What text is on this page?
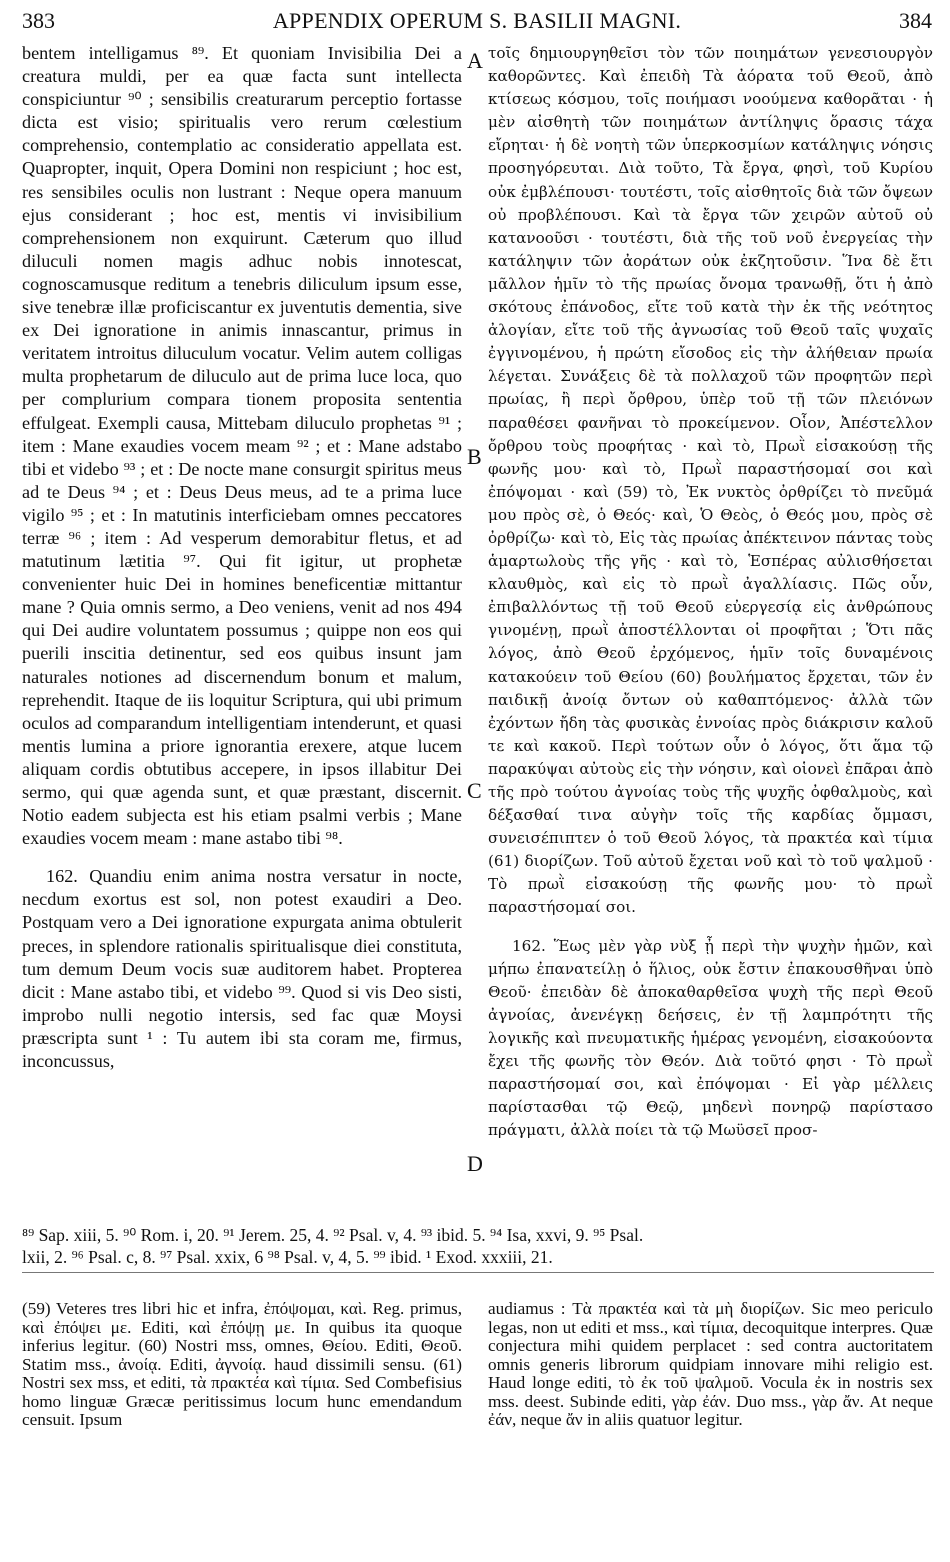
383	APPENDIX OPERUM S. BASILII MAGNI.	384

bentem intelligamus ⁸⁹. Et quoniam Invisibilia Dei a creatura muldi, per ea quæ facta sunt intellecta conspiciuntur ⁹⁰ ; sensibilis creaturarum perceptio fortasse dicta est visio; spiritualis vero rerum cœlestium comprehensio, contemplatio ac consideratio appellata est. Quapropter, inquit, Opera Domini non respiciunt ; hoc est, res sensibiles oculis non lustrant : Neque opera manuum ejus considerant ; hoc est, mentis vi invisibilium comprehensionem non exquirunt. Cæterum quo illud diluculi nomen magis adhuc nobis innotescat, cognoscamusque reditum a tenebris diliculum ipsum esse, sive tenebræ illæ proficiscantur ex juventutis dementia, sive ex Dei ignoratione in animis innascantur, primus in veritatem introitus diluculum vocatur. Velim autem colligas multa prophetarum de diluculo aut de prima luce loca, quo per complurium compara tionem proposita sententia effulgeat. Exempli causa, Mittebam diluculo prophetas ⁹¹ ; item : Mane exaudies vocem meam ⁹² ; et : Mane adstabo tibi et videbo ⁹³ ; et : De nocte mane consurgit spiritus meus ad te Deus ⁹⁴ ; et : Deus Deus meus, ad te a prima luce vigilo ⁹⁵ ; et : In matutinis interficiebam omnes peccatores terræ ⁹⁶ ; item : Ad vesperum demorabitur fletus, et ad matutinum lætitia ⁹⁷. Qui fit igitur, ut prophetæ convenienter huic Dei in homines beneficentiæ mittantur mane ? Quia omnis sermo, a Deo veniens, venit ad nos 494 qui Dei audire voluntatem possumus ; quippe non eos qui puerili inscitia detinentur, sed eos quibus insunt jam naturales notiones ad discernendum bonum et malum, reprehendit. Itaque de iis loquitur Scriptura, qui ubi primum oculos ad comparandum intelligentiam intenderunt, et quasi mentis lumina a priore ignorantia erexere, atque lucem aliquam cordis obtutibus accepere, in ipsos illabitur Dei sermo, qui quæ agenda sunt, et quæ præstant, discernit. Notio eadem subjecta est his etiam psalmi verbis ; Mane exaudies vocem meam : mane astabo tibi ⁹⁸.

162. Quandiu enim anima nostra versatur in nocte, necdum exortus est sol, non potest exaudiri a Deo. Postquam vero a Dei ignoratione expurgata anima obtulerit preces, in splendore rationalis spiritualisque diei constituta, tum demum Deum vocis suæ auditorem habet. Propterea dicit : Mane astabo tibi, et videbo ⁹⁹. Quod si vis Deo sisti, improbo nulli negotio intersis, sed fac quæ Moysi præscripta sunt ¹ : Tu autem ibi sta coram me, firmus, inconcussus,

A
B
C
D

τοῖς δημιουργηθεῖσι τὸν τῶν ποιημάτων γενεσιουργὸν καθορῶντες. Καὶ ἐπειδὴ Τὰ ἀόρατα τοῦ Θεοῦ, ἀπὸ κτίσεως κόσμου, τοῖς ποιήμασι νοούμενα καθορᾶται · ἡ μὲν αἰσθητὴ τῶν ποιημάτων ἀντίληψις ὅρασις τάχα εἴρηται· ἡ δὲ νοητὴ τῶν ὑπερκοσμίων κατάληψις νόησις προσηγόρευται. Διὰ τοῦτο, Τὰ ἔργα, φησὶ, τοῦ Κυρίου οὐκ ἐμβλέπουσι· τουτέστι, τοῖς αἰσθητοῖς διὰ τῶν ὄψεων οὐ προβλέπουσι. Καὶ τὰ ἔργα τῶν χειρῶν αὐτοῦ οὐ κατανοοῦσι · τουτέστι, διὰ τῆς τοῦ νοῦ ἐνεργείας τὴν κατάληψιν τῶν ἀοράτων οὐκ ἐκζητοῦσιν. Ἵνα δὲ ἔτι μᾶλλον ἡμῖν τὸ τῆς πρωίας ὄνομα τρανωθῇ, ὅτι ἡ ἀπὸ σκότους ἐπάνοδος, εἴτε τοῦ κατὰ τὴν ἐκ τῆς νεότητος ἀλογίαν, εἴτε τοῦ τῆς ἀγνωσίας τοῦ Θεοῦ ταῖς ψυχαῖς ἐγγινομένου, ἡ πρώτη εἴσοδος εἰς τὴν ἀλήθειαν πρωία λέγεται. Συνάξεις δὲ τὰ πολλαχοῦ τῶν προφητῶν περὶ πρωίας, ἢ περὶ ὄρθρου, ὑπὲρ τοῦ τῇ τῶν πλειόνων παραθέσει φανῆναι τὸ προκείμενον. Οἷον, Ἀπέστελλον ὄρθρου τοὺς προφήτας · καὶ τὸ, Πρωῒ εἰσακούσῃ τῆς φωνῆς μου· καὶ τὸ, Πρωῒ παραστήσομαί σοι καὶ ἐπόψομαι · καὶ (59) τὸ, Ἐκ νυκτὸς ὀρθρίζει τὸ πνεῦμά μου πρὸς σὲ, ὁ Θεός· καὶ, Ὁ Θεὸς, ὁ Θεός μου, πρὸς σὲ ὀρθρίζω· καὶ τὸ, Εἰς τὰς πρωίας ἀπέκτεινον πάντας τοὺς ἁμαρτωλοὺς τῆς γῆς · καὶ τὸ, Ἑσπέρας αὐλισθήσεται κλαυθμὸς, καὶ εἰς τὸ πρωῒ ἀγαλλίασις. Πῶς οὖν, ἐπιβαλλόντως τῇ τοῦ Θεοῦ εὐεργεσίᾳ εἰς ἀνθρώπους γινομένῃ, πρωῒ ἀποστέλλονται οἱ προφῆται ; Ὅτι πᾶς λόγος, ἀπὸ Θεοῦ ἐρχόμενος, ἡμῖν τοῖς δυναμένοις κατακούειν τοῦ Θείου (60) βουλήματος ἔρχεται, τῶν ἐν παιδικῇ ἀνοίᾳ ὄντων οὐ καθαπτόμενος· ἀλλὰ τῶν ἐχόντων ἤδη τὰς φυσικὰς ἐννοίας πρὸς διάκρισιν καλοῦ τε καὶ κακοῦ. Περὶ τούτων οὖν ὁ λόγος, ὅτι ἅμα τῷ παρακύψαι αὐτοὺς εἰς τὴν νόησιν, καὶ οἱονεὶ ἐπᾶραι ἀπὸ τῆς πρὸ τούτου ἀγνοίας τοὺς τῆς ψυχῆς ὀφθαλμοὺς, καὶ δέξασθαί τινα αὐγὴν τοῖς τῆς καρδίας ὄμμασι, συνεισέπιπτεν ὁ τοῦ Θεοῦ λόγος, τὰ πρακτέα καὶ τίμια (61) διορίζων. Τοῦ αὐτοῦ ἔχεται νοῦ καὶ τὸ τοῦ ψαλμοῦ · Τὸ πρωῒ εἰσακούσῃ τῆς φωνῆς μου· τὸ πρωῒ παραστήσομαί σοι.

162. Ἕως μὲν γὰρ νὺξ ᾖ περὶ τὴν ψυχὴν ἡμῶν, καὶ μήπω ἐπανατείλῃ ὁ ἥλιος, οὐκ ἔστιν ἐπακουσθῆναι ὑπὸ Θεοῦ· ἐπειδὰν δὲ ἀποκαθαρθεῖσα ψυχὴ τῆς περὶ Θεοῦ ἀγνοίας, ἀνενέγκῃ δεήσεις, ἐν τῇ λαμπρότητι τῆς λογικῆς καὶ πνευματικῆς ἡμέρας γενομένη, εἰσακούοντα ἔχει τῆς φωνῆς τὸν Θεόν. Διὰ τοῦτό φησι · Τὸ πρωῒ παραστήσομαί σοι, καὶ ἐπόψομαι · Εἰ γὰρ μέλλεις παρίστασθαι τῷ Θεῷ, μηδενὶ πονηρῷ παρίστασο πράγματι, ἀλλὰ ποίει τὰ τῷ Μωϋσεῖ προσ-

⁸⁹ Sap. xiii, 5. ⁹⁰ Rom. i, 20. ⁹¹ Jerem. 25, 4. ⁹² Psal. v, 4. ⁹³ ibid. 5. ⁹⁴ Isa, xxvi, 9. ⁹⁵ Psal.

lxii, 2. ⁹⁶ Psal. c, 8. ⁹⁷ Psal. xxix, 6 ⁹⁸ Psal. v, 4, 5. ⁹⁹ ibid. ¹ Exod. xxxiii, 21.

(59) Veteres tres libri hic et infra, ἐπόψομαι, καὶ. Reg. primus, καὶ ἐπόψει με. Editi, καὶ ἐπόψῃ με. In quibus ita quoque inferius legitur. (60) Nostri mss, omnes, Θείου. Editi, Θεοῦ. Statim mss., ἀνοίᾳ. Editi, ἀγνοίᾳ. haud dissimili sensu. (61) Nostri sex mss, et editi, τὰ πρακτέα καὶ τίμια. Sed Combefisius homo linguæ Græcæ peritissimus locum hunc emendandum censuit. Ipsum

audiamus : Τὰ πρακτέα καὶ τὰ μὴ διορίζων. Sic meo periculo legas, non ut editi et mss., καὶ τίμια, decoquitque interpres. Quæ conjectura mihi quidem perplacet : sed contra auctoritatem omnis generis librorum quidpiam innovare mihi religio est. Haud longe editi, τὸ ἐκ τοῦ ψαλμοῦ. Vocula ἐκ in nostris sex mss. deest. Subinde editi, γὰρ ἐάν. Duo mss., γὰρ ἄν. At neque ἐάν, neque ἄν in aliis quatuor legitur.
